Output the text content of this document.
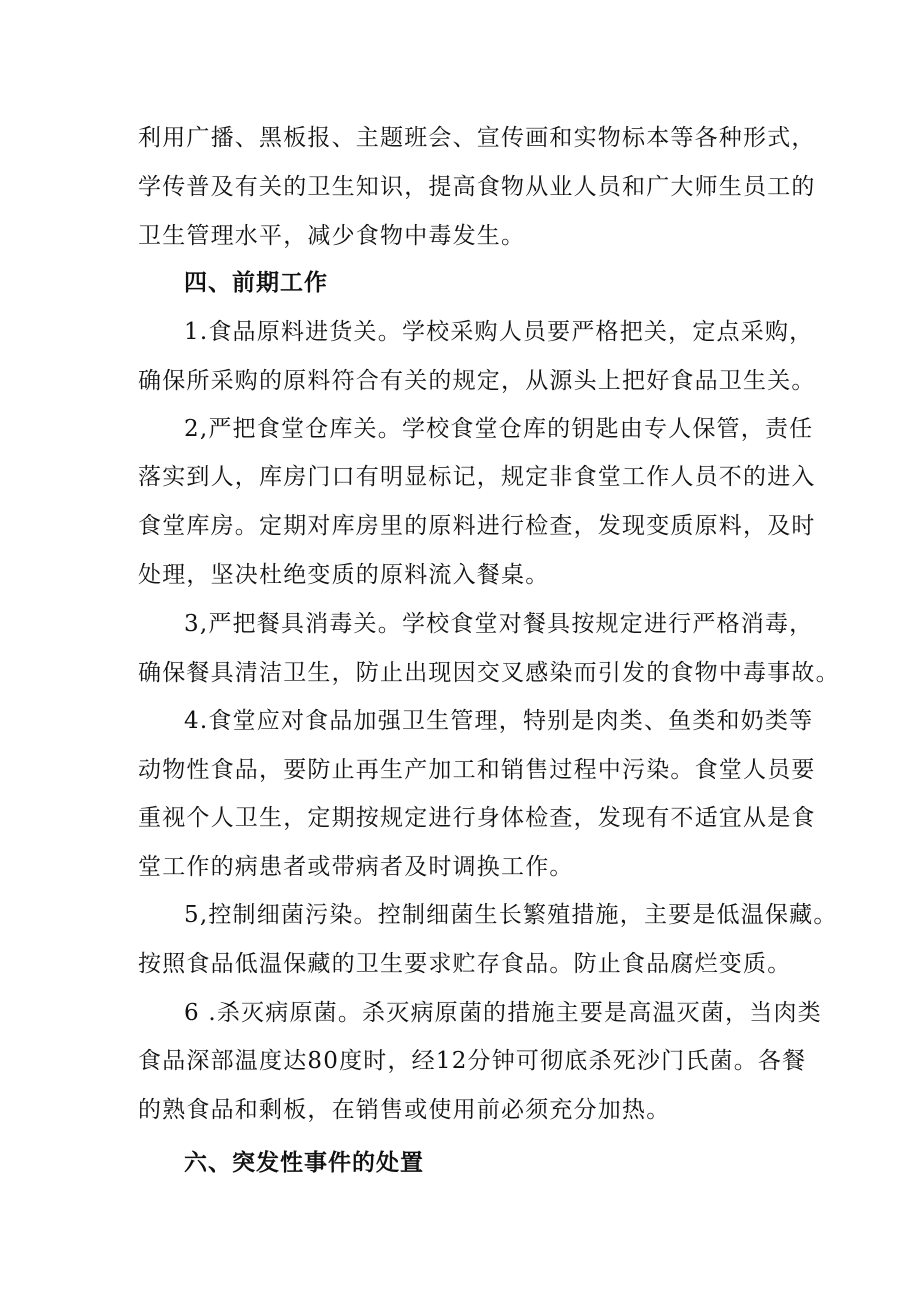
利用广播、黑板报、主题班会、宣传画和实物标本等各种形式，
学传普及有关的卫生知识，提高食物从业人员和广大师生员工的
卫生管理水平，减少食物中毒发生。
四、前期工作
1.食品原料进货关。学校采购人员要严格把关，定点采购，
确保所采购的原料符合有关的规定，从源头上把好食品卫生关。
2,严把食堂仓库关。学校食堂仓库的钥匙由专人保管，责任
落实到人，库房门口有明显标记，规定非食堂工作人员不的进入
食堂库房。定期对库房里的原料进行检查，发现变质原料，及时
处理，坚决杜绝变质的原料流入餐桌。
3,严把餐具消毒关。学校食堂对餐具按规定进行严格消毒，
确保餐具清洁卫生，防止出现因交叉感染而引发的食物中毒事故。
4.食堂应对食品加强卫生管理，特别是肉类、鱼类和奶类等
动物性食品，要防止再生产加工和销售过程中污染。食堂人员要
重视个人卫生，定期按规定进行身体检查，发现有不适宜从是食
堂工作的病患者或带病者及时调换工作。
5,控制细菌污染。控制细菌生长繁殖措施，主要是低温保藏。
按照食品低温保藏的卫生要求贮存食品。防止食品腐烂变质。
6 .杀灭病原菌。杀灭病原菌的措施主要是高温灭菌，当肉类
食品深部温度达80度时，经12分钟可彻底杀死沙门氏菌。各餐
的熟食品和剩板，在销售或使用前必须充分加热。
六、突发性事件的处置
